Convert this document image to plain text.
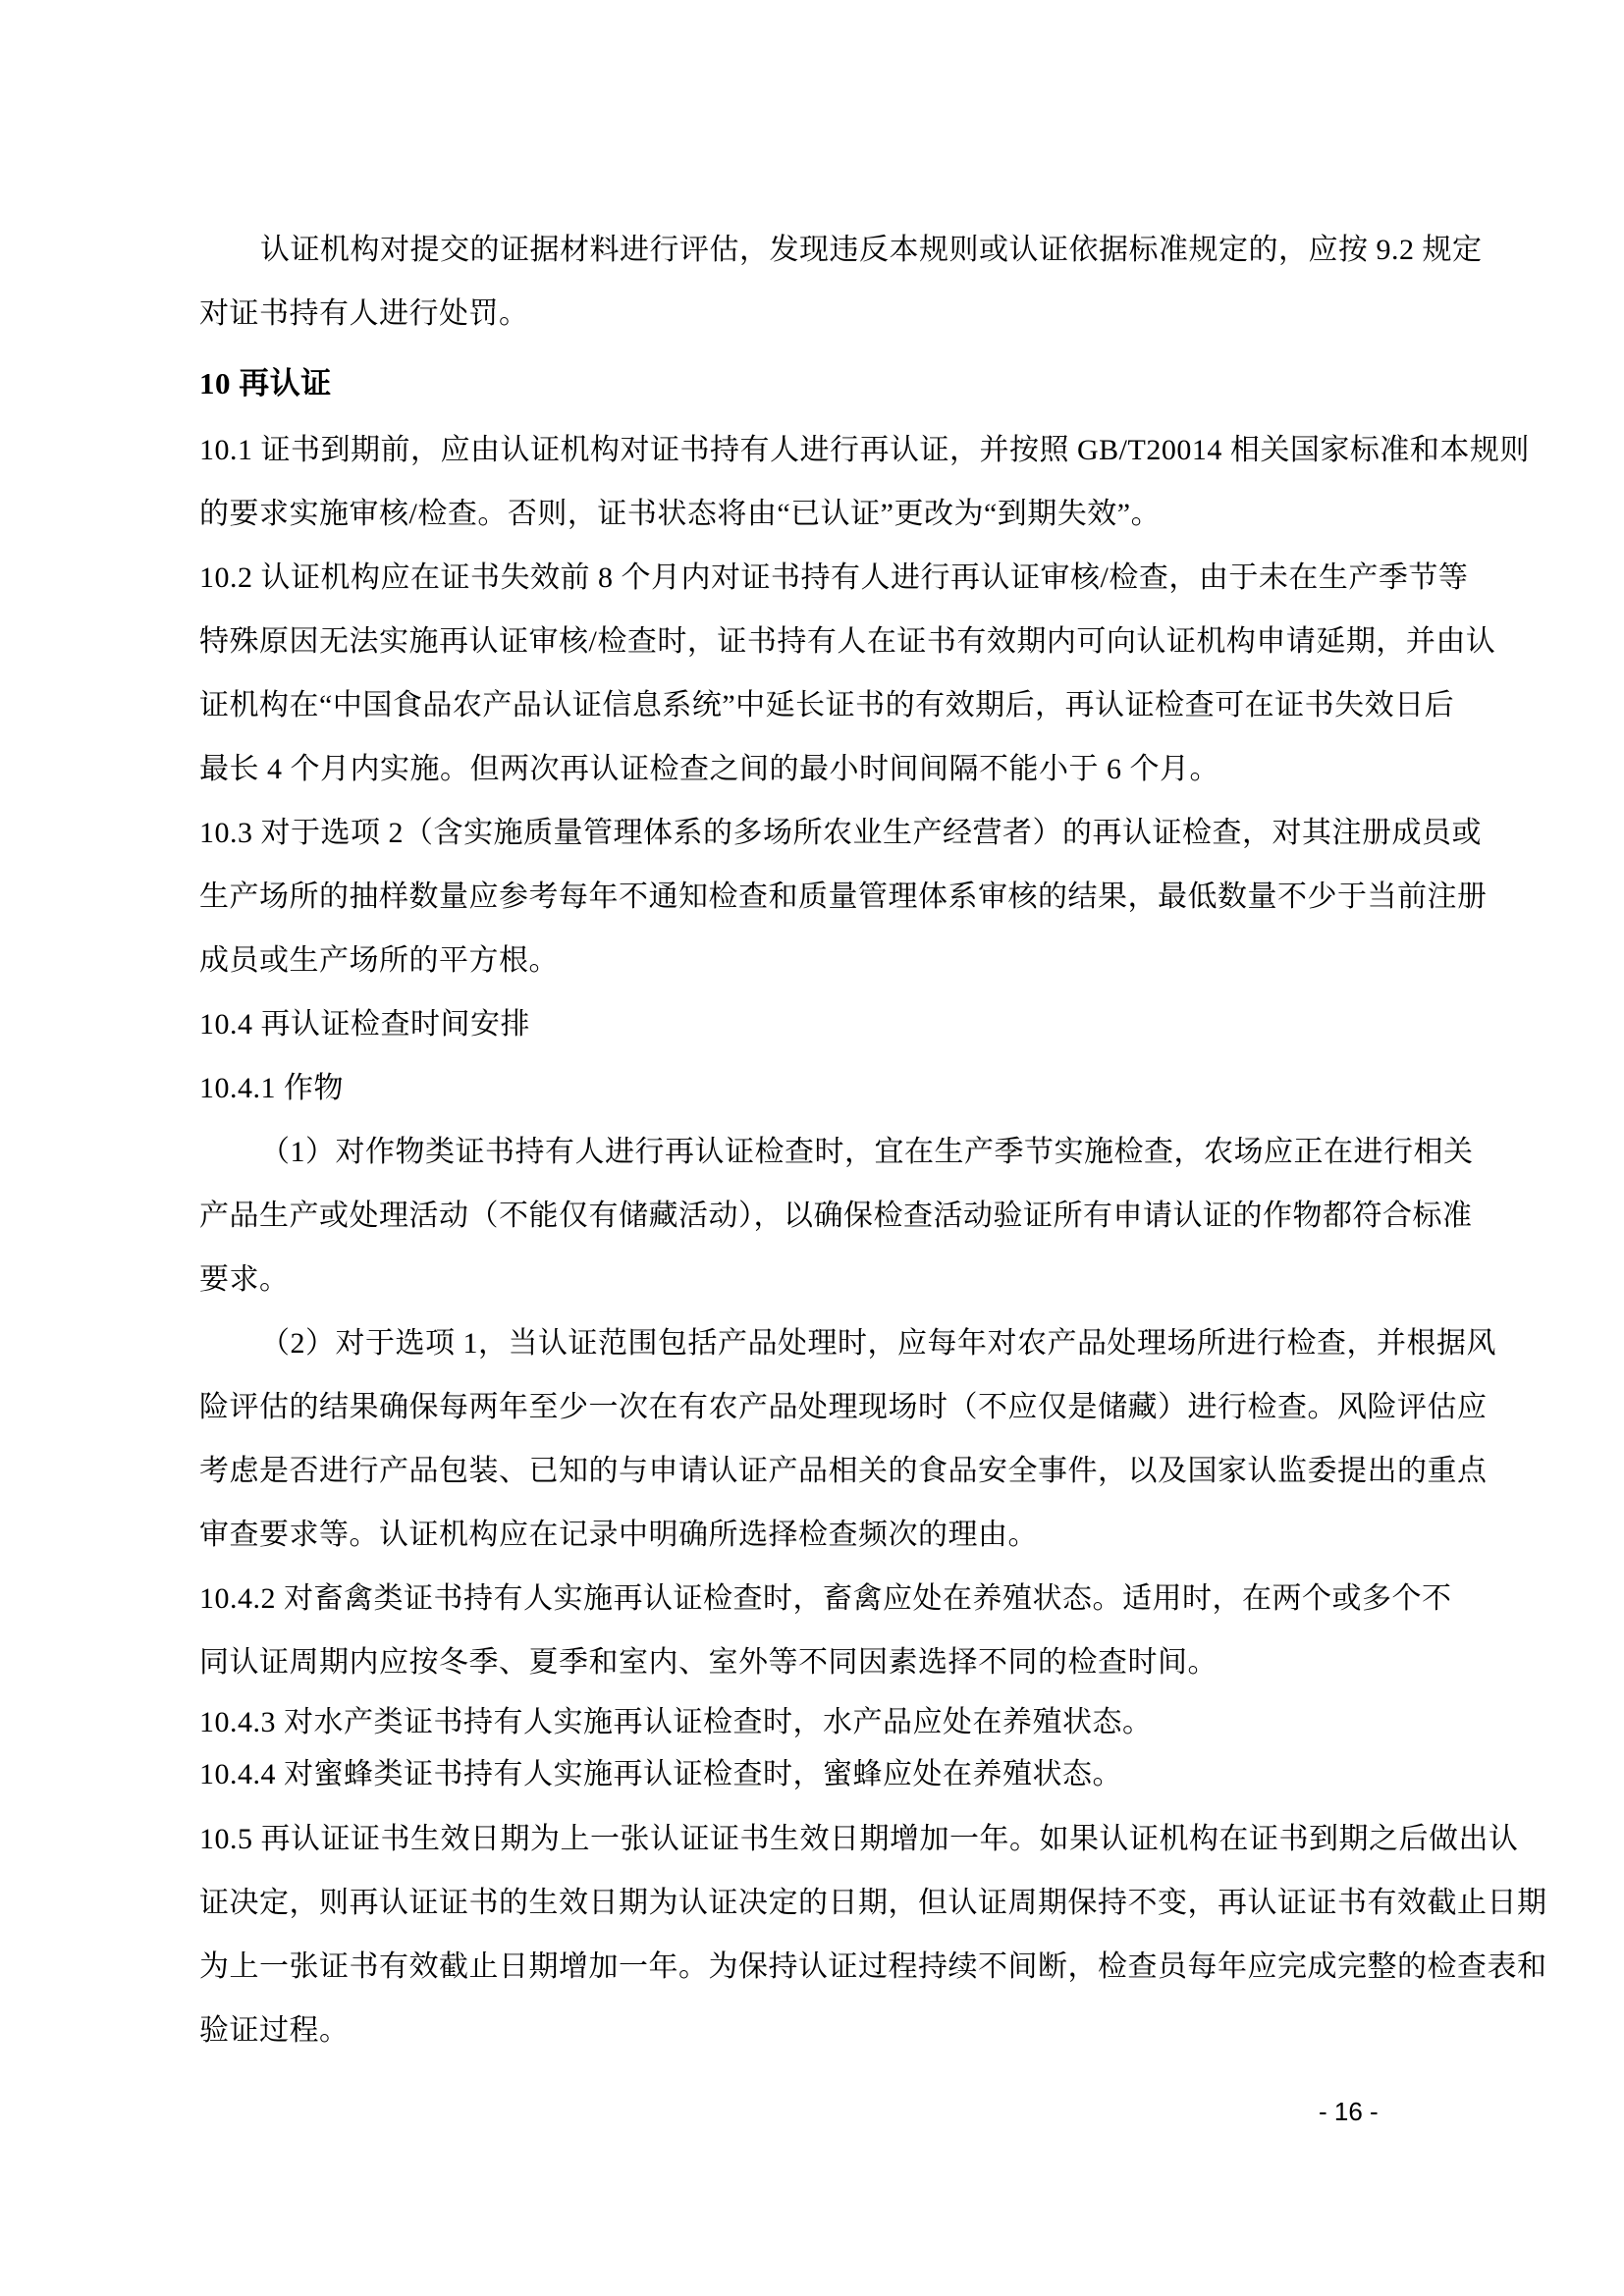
认证机构对提交的证据材料进行评估，发现违反本规则或认证依据标准规定的，应按 9.2 规定
对证书持有人进行处罚。
10 再认证
10.1 证书到期前，应由认证机构对证书持有人进行再认证，并按照 GB/T20014 相关国家标准和本规则
的要求实施审核/检查。否则，证书状态将由“已认证”更改为“到期失效”。
10.2 认证机构应在证书失效前 8 个月内对证书持有人进行再认证审核/检查，由于未在生产季节等
特殊原因无法实施再认证审核/检查时，证书持有人在证书有效期内可向认证机构申请延期，并由认
证机构在“中国食品农产品认证信息系统”中延长证书的有效期后，再认证检查可在证书失效日后
最长 4 个月内实施。但两次再认证检查之间的最小时间间隔不能小于 6 个月。
10.3 对于选项 2（含实施质量管理体系的多场所农业生产经营者）的再认证检查，对其注册成员或
生产场所的抽样数量应参考每年不通知检查和质量管理体系审核的结果，最低数量不少于当前注册
成员或生产场所的平方根。
10.4 再认证检查时间安排
10.4.1 作物
（1）对作物类证书持有人进行再认证检查时，宜在生产季节实施检查，农场应正在进行相关
产品生产或处理活动（不能仅有储藏活动），以确保检查活动验证所有申请认证的作物都符合标准
要求。
（2）对于选项 1，当认证范围包括产品处理时，应每年对农产品处理场所进行检查，并根据风
险评估的结果确保每两年至少一次在有农产品处理现场时（不应仅是储藏）进行检查。风险评估应
考虑是否进行产品包装、已知的与申请认证产品相关的食品安全事件，以及国家认监委提出的重点
审查要求等。认证机构应在记录中明确所选择检查频次的理由。
10.4.2 对畜禽类证书持有人实施再认证检查时，畜禽应处在养殖状态。适用时，在两个或多个不
同认证周期内应按冬季、夏季和室内、室外等不同因素选择不同的检查时间。
10.4.3 对水产类证书持有人实施再认证检查时，水产品应处在养殖状态。
10.4.4 对蜜蜂类证书持有人实施再认证检查时，蜜蜂应处在养殖状态。
10.5 再认证证书生效日期为上一张认证证书生效日期增加一年。如果认证机构在证书到期之后做出认
证决定，则再认证证书的生效日期为认证决定的日期，但认证周期保持不变，再认证证书有效截止日期
为上一张证书有效截止日期增加一年。为保持认证过程持续不间断，检查员每年应完成完整的检查表和
验证过程。
- 16 -
